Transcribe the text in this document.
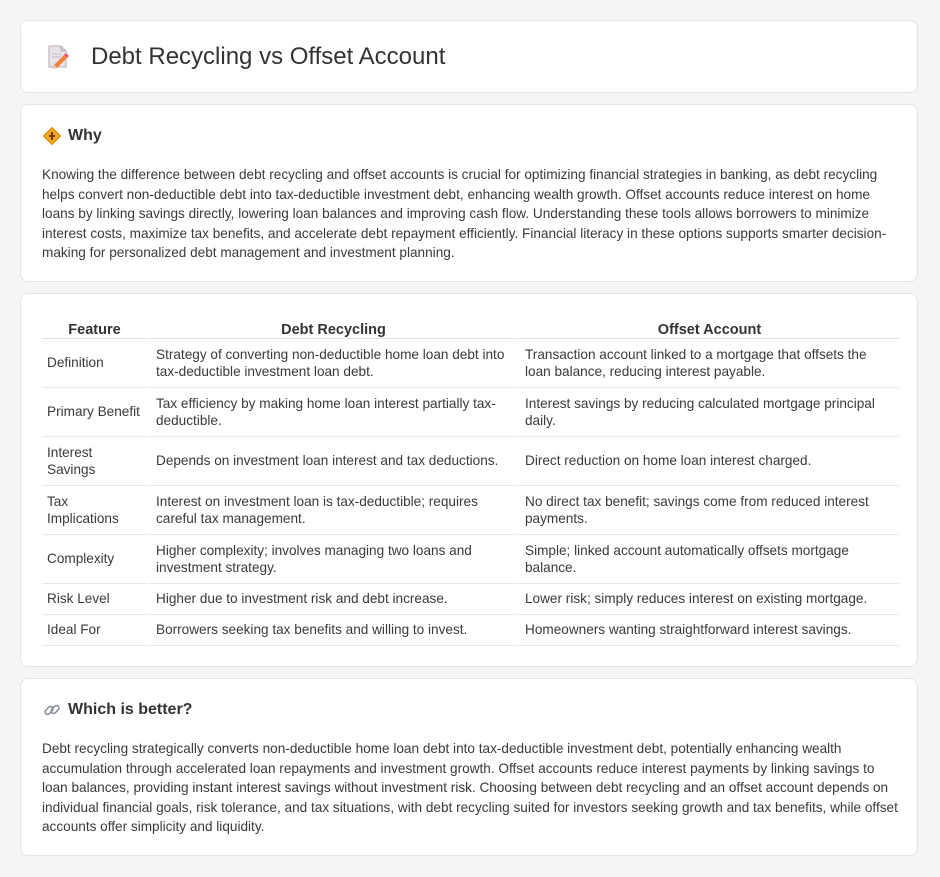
Debt Recycling vs Offset Account
Why

Knowing the difference between debt recycling and offset accounts is crucial for optimizing financial strategies in banking, as debt recycling helps convert non-deductible debt into tax-deductible investment debt, enhancing wealth growth. Offset accounts reduce interest on home loans by linking savings directly, lowering loan balances and improving cash flow. Understanding these tools allows borrowers to minimize interest costs, maximize tax benefits, and accelerate debt repayment efficiently. Financial literacy in these options supports smarter decision-making for personalized debt management and investment planning.

Feature	Debt Recycling	Offset Account
Definition	Strategy of converting non-deductible home loan debt into tax-deductible investment loan debt.	Transaction account linked to a mortgage that offsets the loan balance, reducing interest payable.
Primary Benefit	Tax efficiency by making home loan interest partially tax-deductible.	Interest savings by reducing calculated mortgage principal daily.
Interest Savings	Depends on investment loan interest and tax deductions.	Direct reduction on home loan interest charged.
Tax Implications	Interest on investment loan is tax-deductible; requires careful tax management.	No direct tax benefit; savings come from reduced interest payments.
Complexity	Higher complexity; involves managing two loans and investment strategy.	Simple; linked account automatically offsets mortgage balance.
Risk Level	Higher due to investment risk and debt increase.	Lower risk; simply reduces interest on existing mortgage.
Ideal For	Borrowers seeking tax benefits and willing to invest.	Homeowners wanting straightforward interest savings.
Which is better?

Debt recycling strategically converts non-deductible home loan debt into tax-deductible investment debt, potentially enhancing wealth accumulation through accelerated loan repayments and investment growth. Offset accounts reduce interest payments by linking savings to loan balances, providing instant interest savings without investment risk. Choosing between debt recycling and an offset account depends on individual financial goals, risk tolerance, and tax situations, with debt recycling suited for investors seeking growth and tax benefits, while offset accounts offer simplicity and liquidity.
